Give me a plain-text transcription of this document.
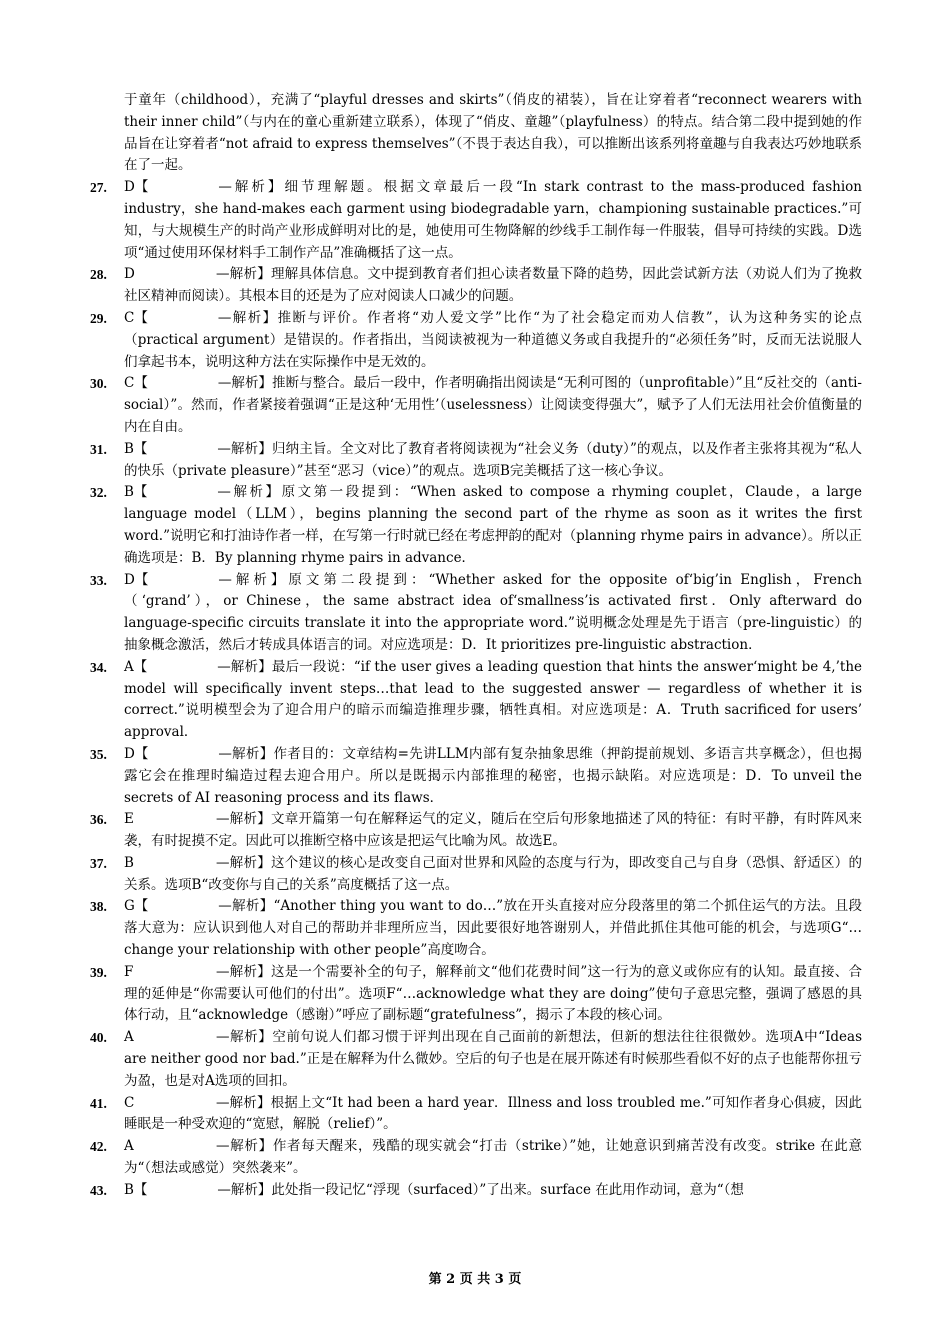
于童年（childhood），充满了“playful dresses and skirts”（俏皮的裙装），旨在让穿着者“reconnect wearers with their inner child”（与内在的童心重新建立联系），体现了“俏皮、童趣”（playfulness）的特点。结合第二段中提到她的作品旨在让穿着者“not afraid to express themselves”（不畏于表达自我），可以推断出该系列将童趣与自我表达巧妙地联系在了一起。
27. D【	—解析】细节理解题。根据文章最后一段“In stark contrast to the mass-produced fashion industry，she hand-makes each garment using biodegradable yarn，championing sustainable practices.”可知，与大规模生产的时尚产业形成鲜明对比的是，她使用可生物降解的纱线手工制作每一件服装，倡导可持续的实践。D选项“通过使用环保材料手工制作产品”准确概括了这一点。
28. D	—解析】理解具体信息。文中提到教育者们担心读者数量下降的趋势，因此尝试新方法（劝说人们为了挽救社区精神而阅读）。其根本目的还是为了应对阅读人口减少的问题。
29. C【	—解析】推断与评价。作者将“劝人爱文学”比作“为了社会稳定而劝人信教”，认为这种务实的论点（practical argument）是错误的。作者指出，当阅读被视为一种道德义务或自我提升的“必须任务”时，反而无法说服人们拿起书本，说明这种方法在实际操作中是无效的。
30. C【	—解析】推断与整合。最后一段中，作者明确指出阅读是“无利可图的（unprofitable）”且“反社交的（anti-social）”。然而，作者紧接着强调“正是这种‘无用性’（uselessness）让阅读变得强大”，赋予了人们无法用社会价值衡量的内在自由。
31. B【	—解析】归纳主旨。全文对比了教育者将阅读视为“社会义务（duty）”的观点，以及作者主张将其视为“私人的快乐（private pleasure）”甚至“恶习（vice）”的观点。选项B完美概括了这一核心争议。
32. B【	—解析】原文第一段提到：“When asked to compose a rhyming couplet，Claude，a large language model（LLM），begins planning the second part of the rhyme as soon as it writes the first word.”说明它和打油诗作者一样，在写第一行时就已经在考虑押韵的配对（planning rhyme pairs in advance）。所以正确选项是：B．By planning rhyme pairs in advance．
33. D【	—解析】原文第二段提到：“Whether asked for the opposite of‘big’in English，French（‘grand’），or Chinese，the same abstract idea of‘smallness’is activated first．Only afterward do language-specific circuits translate it into the appropriate word.”说明概念处理是先于语言（pre-linguistic）的抽象概念激活，然后才转成具体语言的词。对应选项是：D．It prioritizes pre-linguistic abstraction．
34. A【	—解析】最后一段说：“if the user gives a leading question that hints the answer‘might be 4,’the model will specifically invent steps…that lead to the suggested answer — regardless of whether it is correct.”说明模型会为了迎合用户的暗示而编造推理步骤，牺牲真相。对应选项是：A．Truth sacrificed for users’ approval．
35. D【	—解析】作者目的：文章结构=先讲LLM内部有复杂抽象思维（押韵提前规划、多语言共享概念），但也揭露它会在推理时编造过程去迎合用户。所以是既揭示内部推理的秘密，也揭示缺陷。对应选项是：D．To unveil the secrets of AI reasoning process and its flaws．
36. E	—解析】文章开篇第一句在解释运气的定义，随后在空后句形象地描述了风的特征：有时平静，有时阵风来袭，有时捉摸不定。因此可以推断空格中应该是把运气比喻为风。故选E。
37. B	—解析】这个建议的核心是改变自己面对世界和风险的态度与行为，即改变自己与自身（恐惧、舒适区）的关系。选项B“改变你与自己的关系”高度概括了这一点。
38. G【	—解析】“Another thing you want to do…”放在开头直接对应分段落里的第二个抓住运气的方法。且段落大意为：应认识到他人对自己的帮助并非理所应当，因此要很好地答谢别人，并借此抓住其他可能的机会，与选项G“…change your relationship with other people”高度吻合。
39. F	—解析】这是一个需要补全的句子，解释前文“他们花费时间”这一行为的意义或你应有的认知。最直接、合理的延伸是“你需要认可他们的付出”。选项F“…acknowledge what they are doing”使句子意思完整，强调了感恩的具体行动，且“acknowledge（感谢）”呼应了副标题“gratefulness”，揭示了本段的核心词。
40. A	—解析】空前句说人们都习惯于评判出现在自己面前的新想法，但新的想法往往很微妙。选项A中“Ideas are neither good nor bad.”正是在解释为什么微妙。空后的句子也是在展开陈述有时候那些看似不好的点子也能帮你扭亏为盈，也是对A选项的回扣。
41. C	—解析】根据上文“It had been a hard year．Illness and loss troubled me.”可知作者身心俱疲，因此睡眠是一种受欢迎的“宽慰，解脱（relief）”。
42. A	—解析】作者每天醒来，残酷的现实就会“打击（strike）”她，让她意识到痛苦没有改变。strike 在此意为“（想法或感觉）突然袭来”。
43. B【	—解析】此处指一段记忆“浮现（surfaced）”了出来。surface 在此用作动词，意为“（想
第 2 页 共 3 页
